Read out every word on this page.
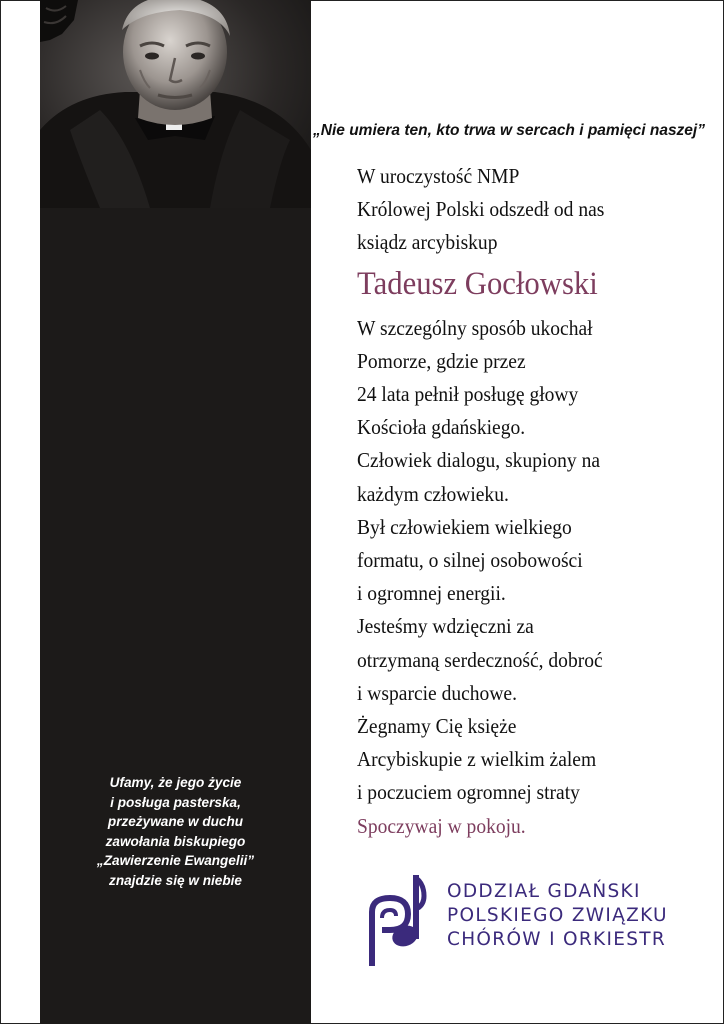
„Nie umiera ten, kto trwa w sercach i pamięci naszej”
W uroczystość NMP
Królowej Polski odszedł od nas
ksiądz arcybiskup
Tadeusz Gocłowski
W szczególny sposób ukochał
Pomorze, gdzie przez
24 lata pełnił posługę głowy
Kościoła gdańskiego.
Człowiek dialogu, skupiony na
każdym człowieku.
Był człowiekiem wielkiego
formatu, o silnej osobowości
i ogromnej energii.
Jesteśmy wdzięczni za
otrzymaną serdeczność, dobroć
i wsparcie duchowe.
Żegnamy Cię księże
Arcybiskupie z wielkim żalem
i poczuciem ogromnej straty
Spoczywaj w pokoju.
Ufamy, że jego życie
i posługa pasterska,
przeżywane w duchu
zawołania biskupiego
„Zawierzenie Ewangelii”
znajdzie się w niebie
ODDZIAŁ GDAŃSKI
POLSKIEGO ZWIĄZKU
CHÓRÓW I ORKIESTR
